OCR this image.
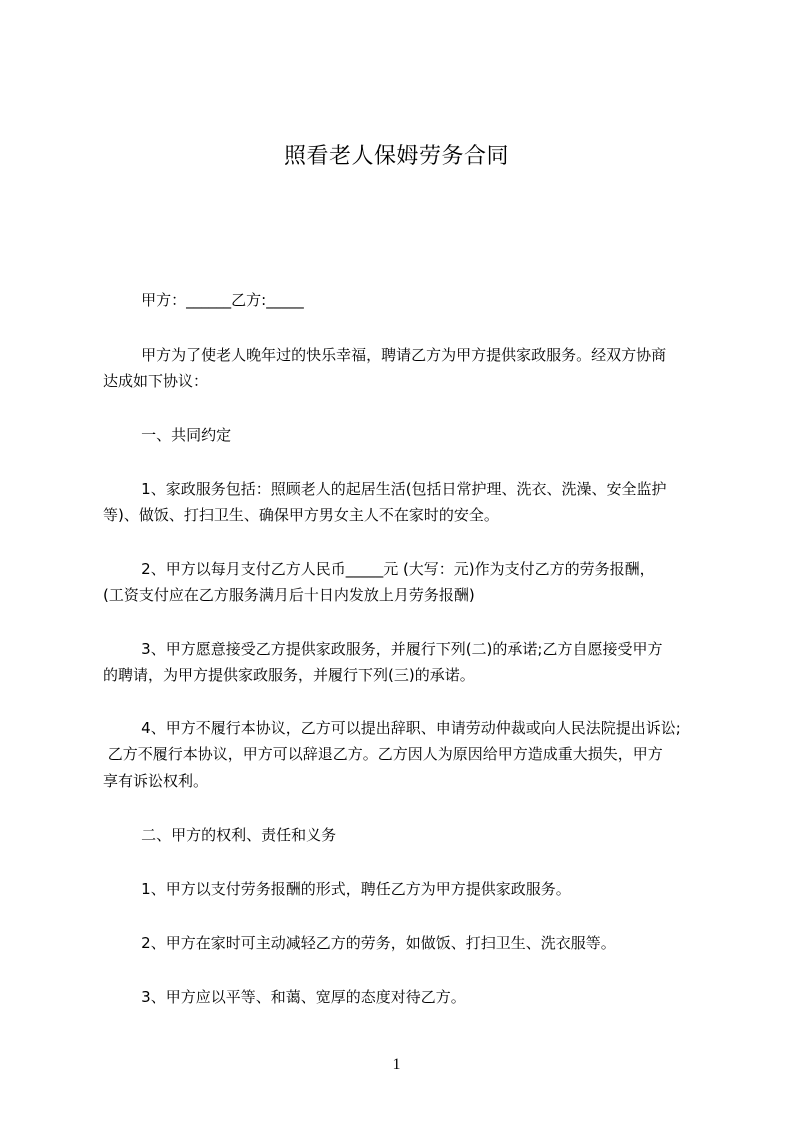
照看老人保姆劳务合同
甲方：______乙方:_____
甲方为了使老人晚年过的快乐幸福，聘请乙方为甲方提供家政服务。经双方协商
达成如下协议：
一、共同约定
1、家政服务包括：照顾老人的起居生活(包括日常护理、洗衣、洗澡、安全监护
等)、做饭、打扫卫生、确保甲方男女主人不在家时的安全。
2、甲方以每月支付乙方人民币_____元 (大写：元)作为支付乙方的劳务报酬，
(工资支付应在乙方服务满月后十日内发放上月劳务报酬)
3、甲方愿意接受乙方提供家政服务，并履行下列(二)的承诺;乙方自愿接受甲方
的聘请，为甲方提供家政服务，并履行下列(三)的承诺。
4、甲方不履行本协议，乙方可以提出辞职、申请劳动仲裁或向人民法院提出诉讼;
乙方不履行本协议，甲方可以辞退乙方。乙方因人为原因给甲方造成重大损失，甲方
享有诉讼权利。
二、甲方的权利、责任和义务
1、甲方以支付劳务报酬的形式，聘任乙方为甲方提供家政服务。
2、甲方在家时可主动减轻乙方的劳务，如做饭、打扫卫生、洗衣服等。
3、甲方应以平等、和蔼、宽厚的态度对待乙方。
1
